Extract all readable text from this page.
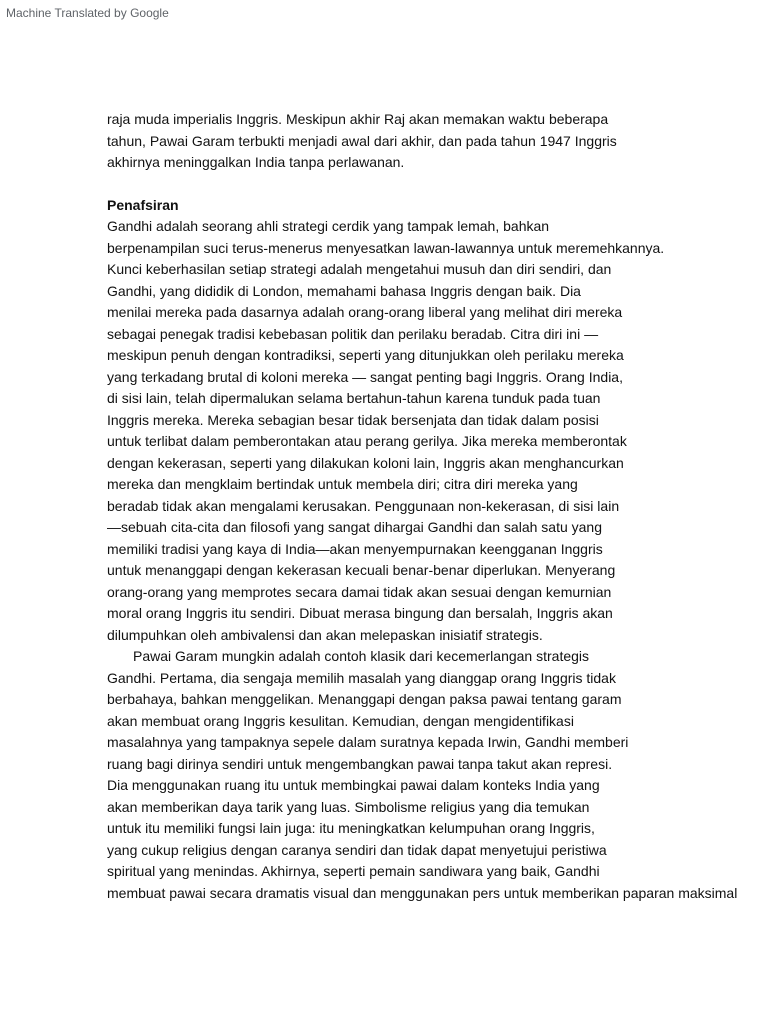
Machine Translated by Google
raja muda imperialis Inggris. Meskipun akhir Raj akan memakan waktu beberapa
tahun, Pawai Garam terbukti menjadi awal dari akhir, dan pada tahun 1947 Inggris
akhirnya meninggalkan India tanpa perlawanan.
Penafsiran
Gandhi adalah seorang ahli strategi cerdik yang tampak lemah, bahkan
berpenampilan suci terus-menerus menyesatkan lawan-lawannya untuk meremehkannya.
Kunci keberhasilan setiap strategi adalah mengetahui musuh dan diri sendiri, dan
Gandhi, yang dididik di London, memahami bahasa Inggris dengan baik. Dia
menilai mereka pada dasarnya adalah orang-orang liberal yang melihat diri mereka
sebagai penegak tradisi kebebasan politik dan perilaku beradab. Citra diri ini —
meskipun penuh dengan kontradiksi, seperti yang ditunjukkan oleh perilaku mereka
yang terkadang brutal di koloni mereka — sangat penting bagi Inggris. Orang India,
di sisi lain, telah dipermalukan selama bertahun-tahun karena tunduk pada tuan
Inggris mereka. Mereka sebagian besar tidak bersenjata dan tidak dalam posisi
untuk terlibat dalam pemberontakan atau perang gerilya. Jika mereka memberontak
dengan kekerasan, seperti yang dilakukan koloni lain, Inggris akan menghancurkan
mereka dan mengklaim bertindak untuk membela diri; citra diri mereka yang
beradab tidak akan mengalami kerusakan. Penggunaan non-kekerasan, di sisi lain
—sebuah cita-cita dan filosofi yang sangat dihargai Gandhi dan salah satu yang
memiliki tradisi yang kaya di India—akan menyempurnakan keengganan Inggris
untuk menanggapi dengan kekerasan kecuali benar-benar diperlukan. Menyerang
orang-orang yang memprotes secara damai tidak akan sesuai dengan kemurnian
moral orang Inggris itu sendiri. Dibuat merasa bingung dan bersalah, Inggris akan
dilumpuhkan oleh ambivalensi dan akan melepaskan inisiatif strategis.
Pawai Garam mungkin adalah contoh klasik dari kecemerlangan strategis
Gandhi. Pertama, dia sengaja memilih masalah yang dianggap orang Inggris tidak
berbahaya, bahkan menggelikan. Menanggapi dengan paksa pawai tentang garam
akan membuat orang Inggris kesulitan. Kemudian, dengan mengidentifikasi
masalahnya yang tampaknya sepele dalam suratnya kepada Irwin, Gandhi memberi
ruang bagi dirinya sendiri untuk mengembangkan pawai tanpa takut akan represi.
Dia menggunakan ruang itu untuk membingkai pawai dalam konteks India yang
akan memberikan daya tarik yang luas. Simbolisme religius yang dia temukan
untuk itu memiliki fungsi lain juga: itu meningkatkan kelumpuhan orang Inggris,
yang cukup religius dengan caranya sendiri dan tidak dapat menyetujui peristiwa
spiritual yang menindas. Akhirnya, seperti pemain sandiwara yang baik, Gandhi
membuat pawai secara dramatis visual dan menggunakan pers untuk memberikan paparan maksimal
